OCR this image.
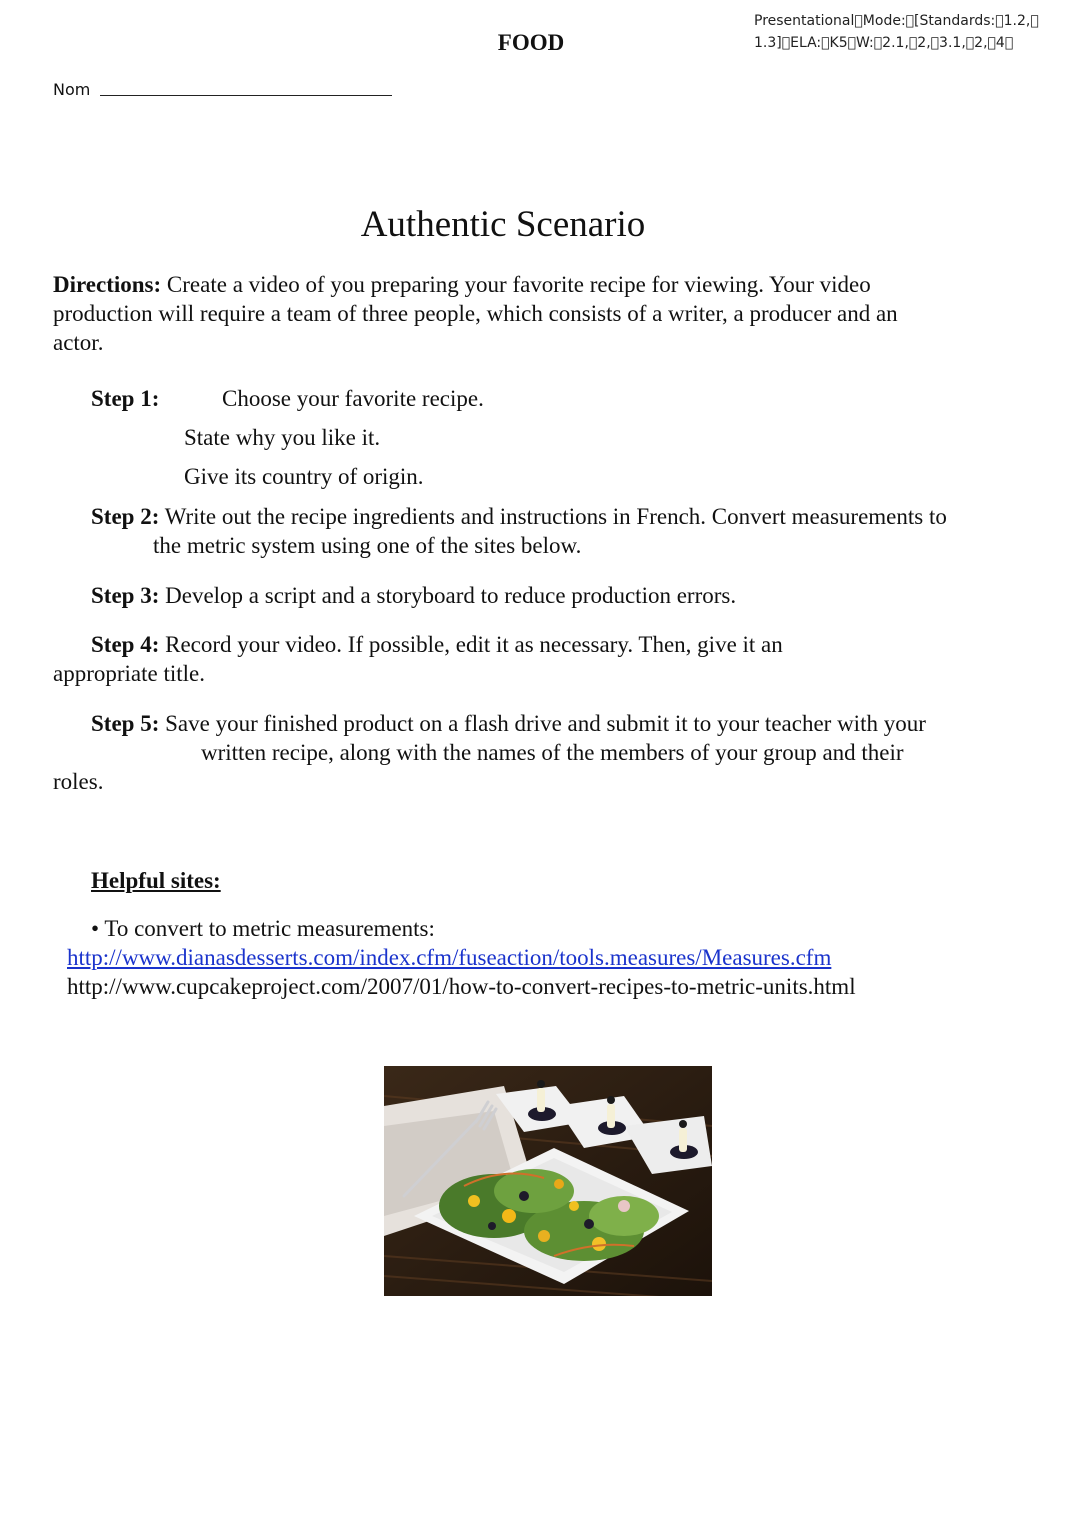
Presentational Mode: [Standards: 1.2, 
1.3] ELA: K5 W: 2.1, 2, 3.1, 2, 4 
FOOD
Nom
Authentic Scenario
Directions: Create a video of you preparing your favorite recipe for viewing. Your video production will require a team of three people, which consists of a writer, a producer and an actor.
Step 1:	Choose your favorite recipe.
State why you like it.
Give its country of origin.
Step 2: Write out the recipe ingredients and instructions in French. Convert measurements tothe metric system using one of the sites below.
Step 3: Develop a script and a storyboard to reduce production errors.
Step 4: Record your video. If possible, edit it as necessary. Then, give it an appropriate title.
Step 5: Save your finished product on a flash drive and submit it to your teacher with yourwritten recipe, along with the names of the members of your group and their roles.
Helpful sites:
• To convert to metric measurements:
http://www.dianasdesserts.com/index.cfm/fuseaction/tools.measures/Measures.cfm
http://www.cupcakeproject.com/2007/01/how-to-convert-recipes-to-metric-units.html
